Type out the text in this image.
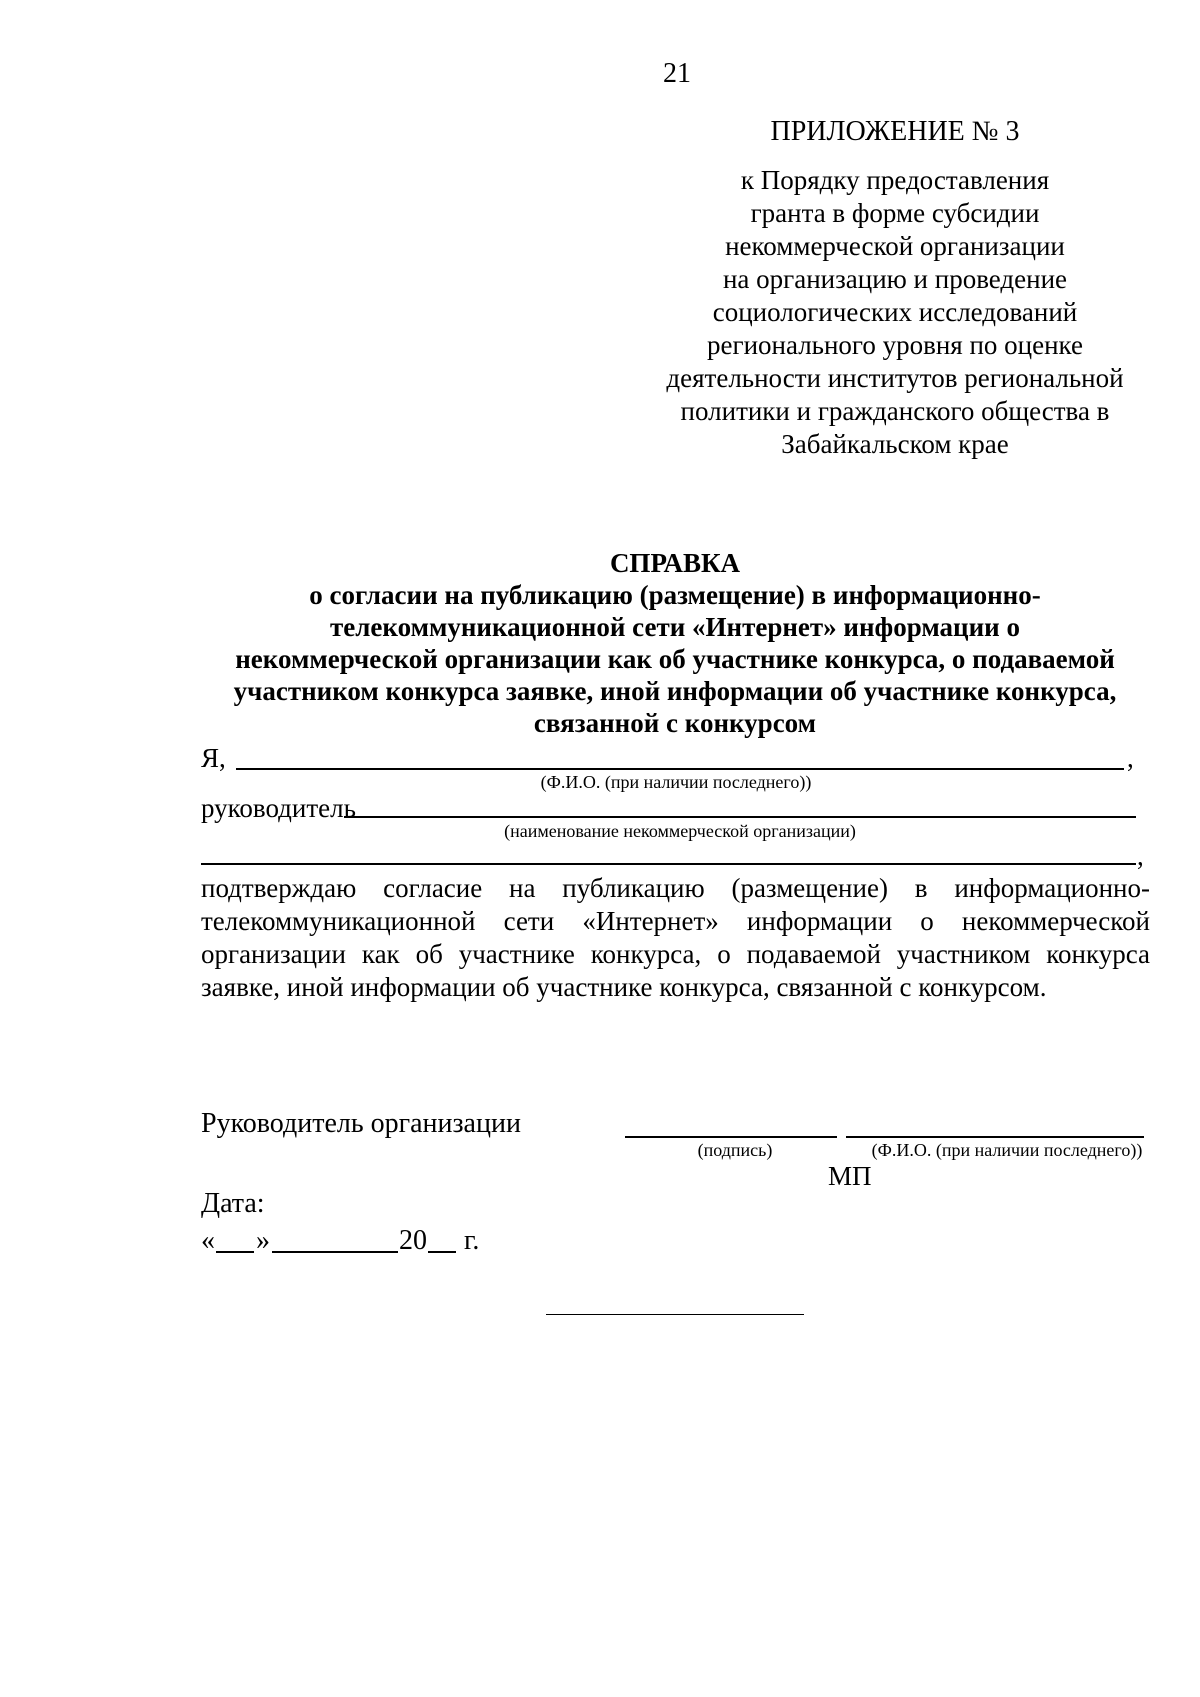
21
ПРИЛОЖЕНИЕ № 3
к Порядку предоставления
гранта в форме субсидии
некоммерческой организации
на организацию и проведение
социологических исследований
регионального уровня по оценке
деятельности институтов региональной
политики и гражданского общества в
Забайкальском крае
СПРАВКА
о согласии на публикацию (размещение) в информационно-
телекоммуникационной сети «Интернет» информации о
некоммерческой организации как об участнике конкурса, о подаваемой
участником конкурса заявке, иной информации об участнике конкурса,
связанной с конкурсом
Я,	,
(Ф.И.О. (при наличии последнего))
руководитель
(наименование некоммерческой организации)
,
подтверждаю согласие на публикацию (размещение) в информационно-телекоммуникационной сети «Интернет» информации о некоммерческой организации как об участнике конкурса, о подаваемой участником конкурса заявке, иной информации об участнике конкурса, связанной с конкурсом.
Руководитель организации
(подпись)	(Ф.И.О. (при наличии последнего))
МП
Дата:
« »	20 г.
